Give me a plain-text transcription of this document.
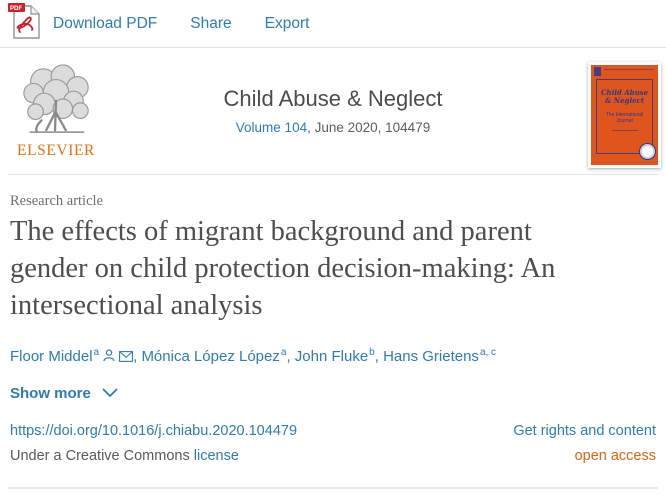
PDF
Download PDF Share Export
ELSEVIER
Child Abuse & Neglect
Volume 104, June 2020, 104479
Child Abuse & Neglect
The International Journal
Research article
The effects of migrant background and parent
gender on child protection decision-making: An
intersectional analysis
Floor Middel$^a$ , Mónica López López$^a$, John Fluke$^b$, Hans Grietens$^{a, c}$
Show more
https://doi.org/10.1016/j.chiabu.2020.104479	Get rights and content
Under a Creative Commons license	open access
